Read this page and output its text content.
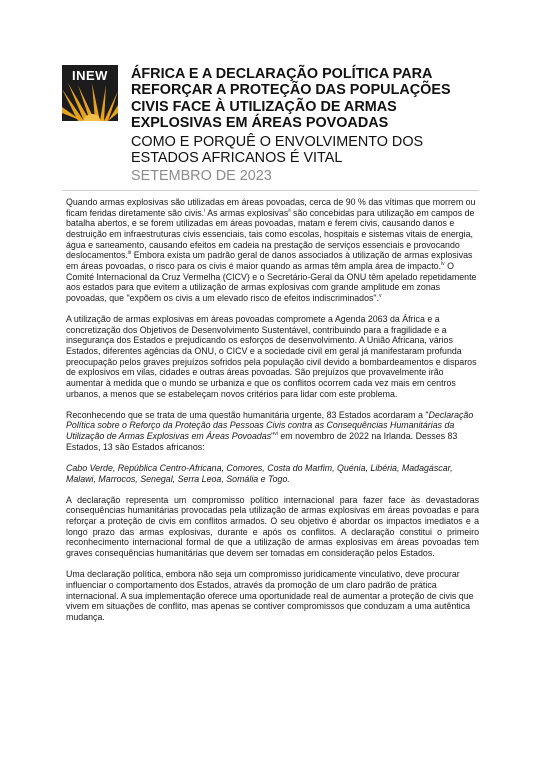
INEW	ÁFRICA E A DECLARAÇÃO POLÍTICA PARA REFORÇAR A PROTEÇÃO DAS POPULAÇÕES CIVIS FACE À UTILIZAÇÃO DE ARMAS EXPLOSIVAS EM ÁREAS POVOADAS
COMO E PORQUÊ O ENVOLVIMENTO DOS ESTADOS AFRICANOS É VITAL
SETEMBRO DE 2023

Quando armas explosivas são utilizadas em áreas povoadas, cerca de 90 % das vítimas que morrem ou ficam feridas diretamente são civis.$^i$ As armas explosivas$^{ii}$ são concebidas para utilização em campos de batalha abertos, e se forem utilizadas em áreas povoadas, matam e ferem civis, causando danos e destruição em infraestruturas civis essenciais, tais como escolas, hospitais e sistemas vitais de energia, água e saneamento, causando efeitos em cadeia na prestação de serviços essenciais e provocando deslocamentos.$^{iii}$ Embora exista um padrão geral de danos associados à utilização de armas explosivas em áreas povoadas, o risco para os civis é maior quando as armas têm ampla área de impacto.$^{iv}$ O Comité Internacional da Cruz Vermelha (CICV) e o Secretário-Geral da ONU têm apelado repetidamente aos estados para que evitem a utilização de armas explosivas com grande amplitude em zonas povoadas, que "expõem os civis a um elevado risco de efeitos indiscriminados".$^v$

A utilização de armas explosivas em áreas povoadas compromete a Agenda 2063 da África e a concretização dos Objetivos de Desenvolvimento Sustentável, contribuindo para a fragilidade e a insegurança dos Estados e prejudicando os esforços de desenvolvimento. A União Africana, vários Estados, diferentes agências da ONU, o CICV e a sociedade civil em geral já manifestaram profunda preocupação pelos graves prejuízos sofridos pela população civil devido a bombardeamentos e disparos de explosivos em vilas, cidades e outras áreas povoadas. São prejuízos que provavelmente irão aumentar à medida que o mundo se urbaniza e que os conflitos ocorrem cada vez mais em centros urbanos, a menos que se estabeleçam novos critérios para lidar com este problema.

Reconhecendo que se trata de uma questão humanitária urgente, 83 Estados acordaram a "Declaração Política sobre o Reforço da Proteção das Pessoas Civis contra as Consequências Humanitárias da Utilização de Armas Explosivas em Áreas Povoadas"$^{vi}$ em novembro de 2022 na Irlanda. Desses 83 Estados, 13 são Estados africanos:

Cabo Verde, República Centro-Africana, Comores, Costa do Marfim, Quénia, Libéria, Madagáscar, Malawi, Marrocos, Senegal, Serra Leoa, Somália e Togo.

A declaração representa um compromisso político internacional para fazer face às devastadoras consequências humanitárias provocadas pela utilização de armas explosivas em áreas povoadas e para reforçar a proteção de civis em conflitos armados. O seu objetivo é abordar os impactos imediatos e a longo prazo das armas explosivas, durante e após os conflitos. A declaração constitui o primeiro reconhecimento internacional formal de que a utilização de armas explosivas em áreas povoadas tem graves consequências humanitárias que devem ser tomadas em consideração pelos Estados.

Uma declaração política, embora não seja um compromisso juridicamente vinculativo, deve procurar influenciar o comportamento dos Estados, através da promoção de um claro padrão de prática internacional. A sua implementação oferece uma oportunidade real de aumentar a proteção de civis que vivem em situações de conflito, mas apenas se contiver compromissos que conduzam a uma autêntica mudança.
